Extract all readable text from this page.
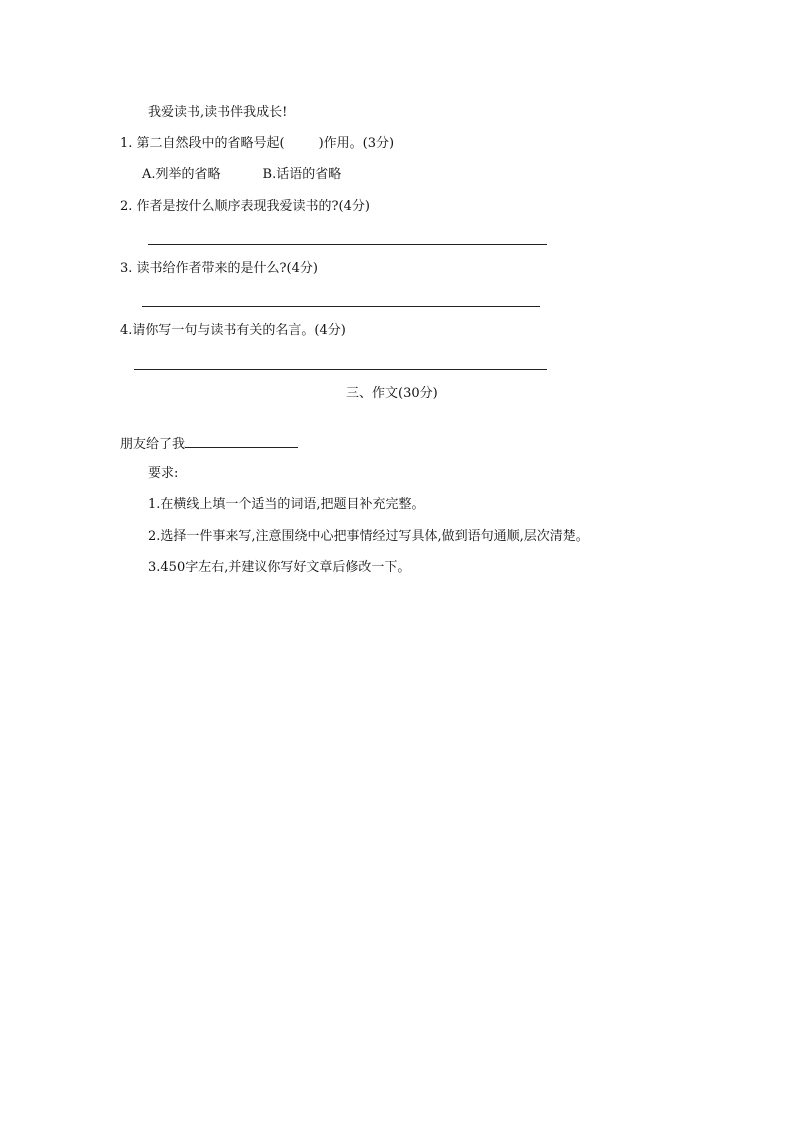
我爱读书,读书伴我成长!
1. 第二自然段中的省略号起(	)作用。(3分)
A.列举的省略	B.话语的省略
2. 作者是按什么顺序表现我爱读书的?(4分)
3. 读书给作者带来的是什么?(4分)
4.请你写一句与读书有关的名言。(4分)
三、作文(30分)
朋友给了我
要求:
1.在横线上填一个适当的词语,把题目补充完整。
2.选择一件事来写,注意围绕中心把事情经过写具体,做到语句通顺,层次清楚。
3.450字左右,并建议你写好文章后修改一下。
